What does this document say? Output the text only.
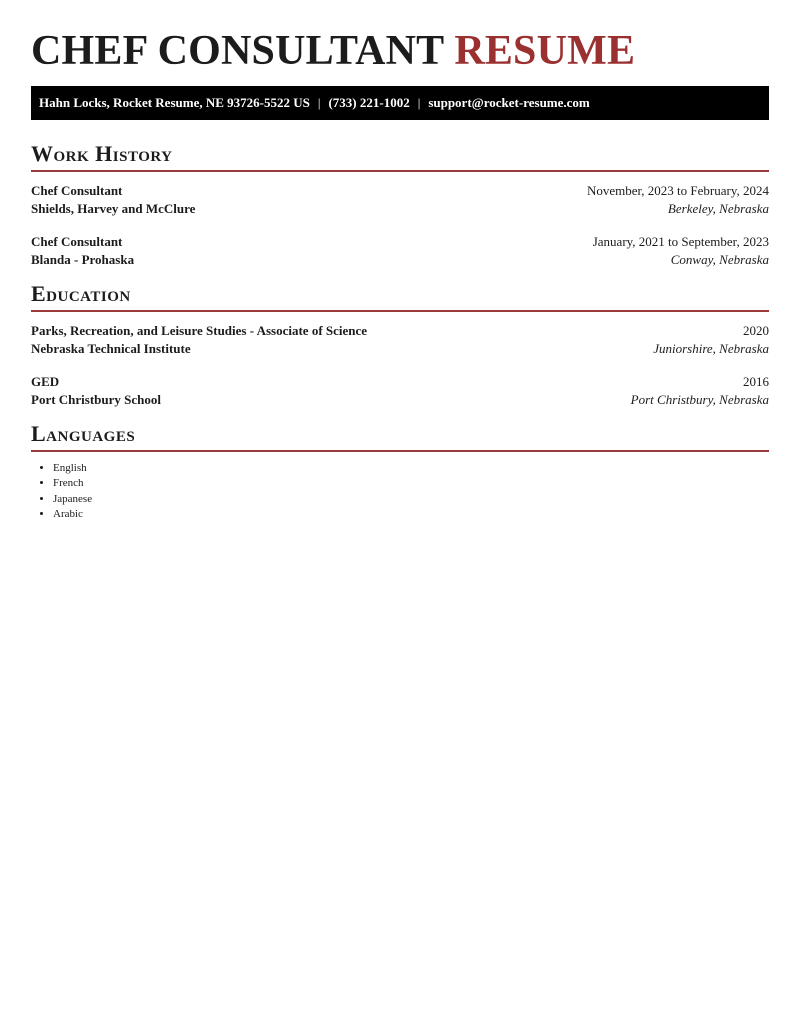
CHEF CONSULTANT RESUME
Hahn Locks, Rocket Resume, NE 93726-5522 US | (733) 221-1002 | support@rocket-resume.com
Work History
Chef Consultant	November, 2023 to February, 2024
Shields, Harvey and McClure	Berkeley, Nebraska
Chef Consultant	January, 2021 to September, 2023
Blanda - Prohaska	Conway, Nebraska
Education
Parks, Recreation, and Leisure Studies - Associate of Science	2020
Nebraska Technical Institute	Juniorshire, Nebraska
GED	2016
Port Christbury School	Port Christbury, Nebraska
Languages
• English
• French
• Japanese
• Arabic
